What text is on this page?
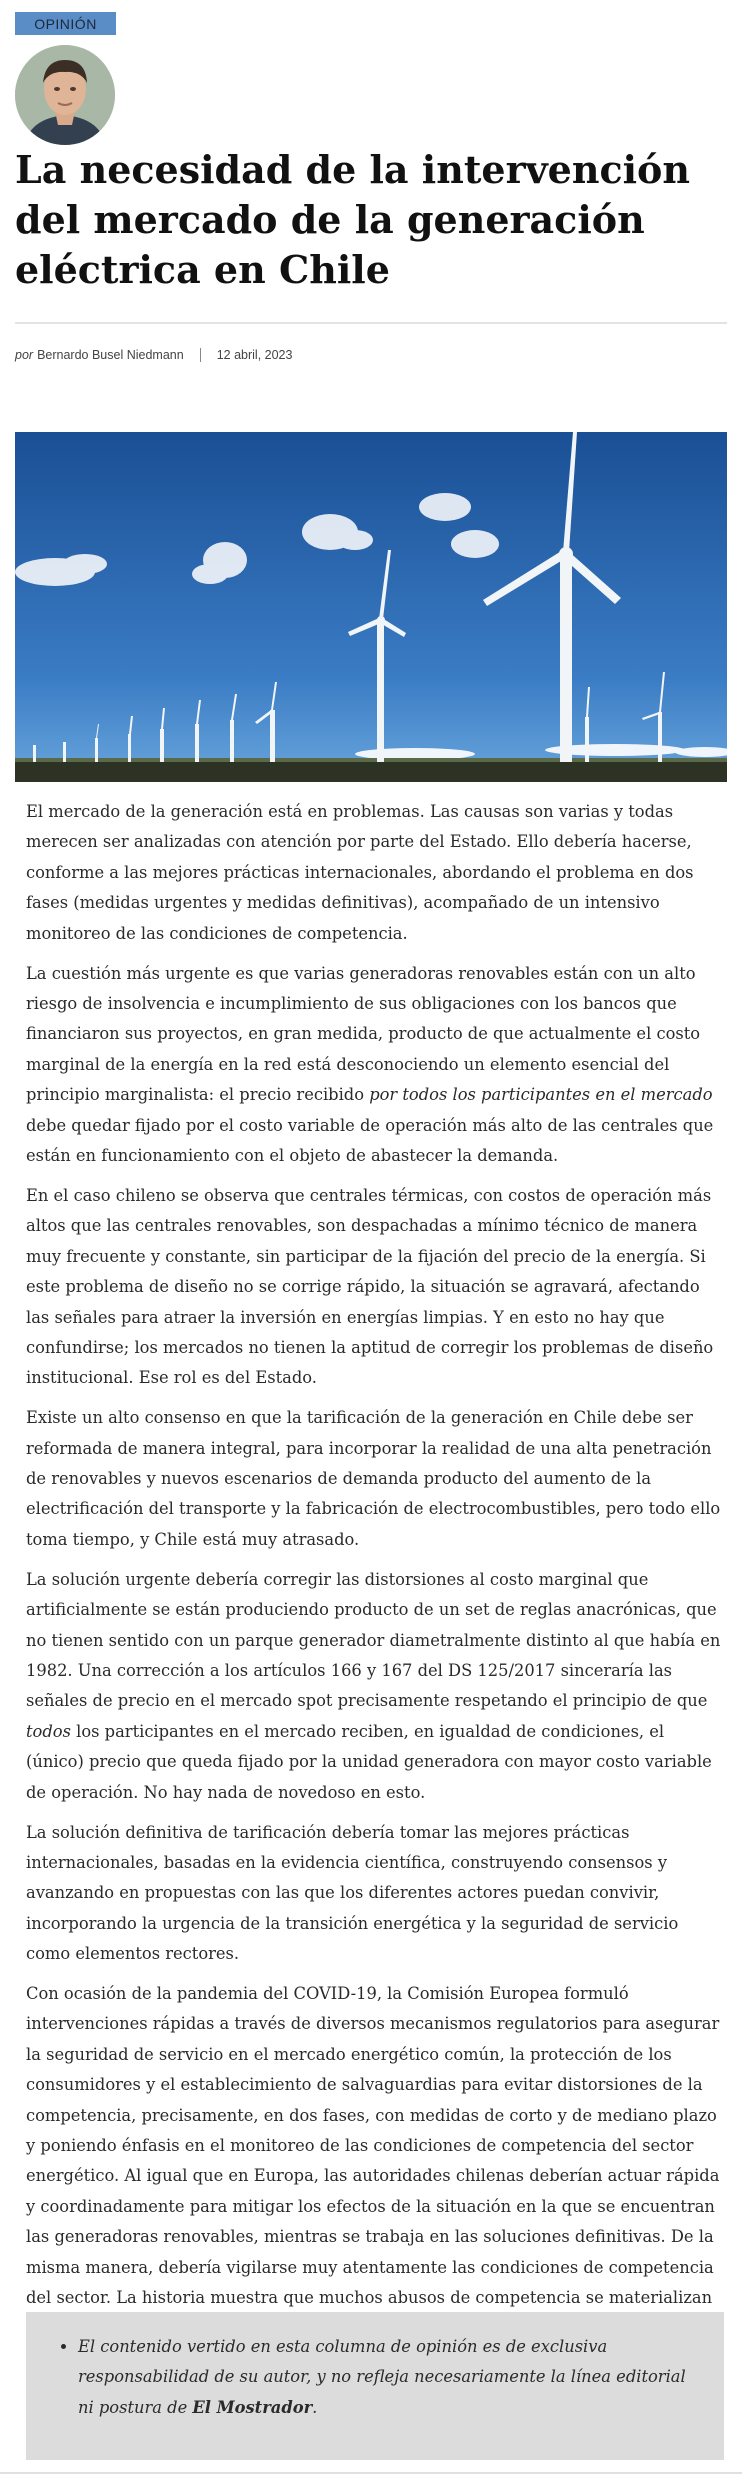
OPINIÓN
La necesidad de la intervención del mercado de la generación eléctrica en Chile
por Bernardo Busel Niedmann	12 abril, 2023

El mercado de la generación está en problemas. Las causas son varias y todas merecen ser analizadas con atención por parte del Estado. Ello debería hacerse, conforme a las mejores prácticas internacionales, abordando el problema en dos fases (medidas urgentes y medidas definitivas), acompañado de un intensivo monitoreo de las condiciones de competencia.

La cuestión más urgente es que varias generadoras renovables están con un alto riesgo de insolvencia e incumplimiento de sus obligaciones con los bancos que financiaron sus proyectos, en gran medida, producto de que actualmente el costo marginal de la energía en la red está desconociendo un elemento esencial del principio marginalista: el precio recibido por todos los participantes en el mercado debe quedar fijado por el costo variable de operación más alto de las centrales que están en funcionamiento con el objeto de abastecer la demanda.

En el caso chileno se observa que centrales térmicas, con costos de operación más altos que las centrales renovables, son despachadas a mínimo técnico de manera muy frecuente y constante, sin participar de la fijación del precio de la energía. Si este problema de diseño no se corrige rápido, la situación se agravará, afectando las señales para atraer la inversión en energías limpias. Y en esto no hay que confundirse; los mercados no tienen la aptitud de corregir los problemas de diseño institucional. Ese rol es del Estado.

Existe un alto consenso en que la tarificación de la generación en Chile debe ser reformada de manera integral, para incorporar la realidad de una alta penetración de renovables y nuevos escenarios de demanda producto del aumento de la electrificación del transporte y la fabricación de electrocombustibles, pero todo ello toma tiempo, y Chile está muy atrasado.

La solución urgente debería corregir las distorsiones al costo marginal que artificialmente se están produciendo producto de un set de reglas anacrónicas, que no tienen sentido con un parque generador diametralmente distinto al que había en 1982. Una corrección a los artículos 166 y 167 del DS 125/2017 sinceraría las señales de precio en el mercado spot precisamente respetando el principio de que todos los participantes en el mercado reciben, en igualdad de condiciones, el (único) precio que queda fijado por la unidad generadora con mayor costo variable de operación. No hay nada de novedoso en esto.

La solución definitiva de tarificación debería tomar las mejores prácticas internacionales, basadas en la evidencia científica, construyendo consensos y avanzando en propuestas con las que los diferentes actores puedan convivir, incorporando la urgencia de la transición energética y la seguridad de servicio como elementos rectores.

Con ocasión de la pandemia del COVID-19, la Comisión Europea formuló intervenciones rápidas a través de diversos mecanismos regulatorios para asegurar la seguridad de servicio en el mercado energético común, la protección de los consumidores y el establecimiento de salvaguardias para evitar distorsiones de la competencia, precisamente, en dos fases, con medidas de corto y de mediano plazo y poniendo énfasis en el monitoreo de las condiciones de competencia del sector energético. Al igual que en Europa, las autoridades chilenas deberían actuar rápida y coordinadamente para mitigar los efectos de la situación en la que se encuentran las generadoras renovables, mientras se trabaja en las soluciones definitivas. De la misma manera, debería vigilarse muy atentamente las condiciones de competencia del sector. La historia muestra que muchos abusos de competencia se materializan

• El contenido vertido en esta columna de opinión es de exclusiva responsabilidad de su autor, y no refleja necesariamente la línea editorial ni postura de El Mostrador.
